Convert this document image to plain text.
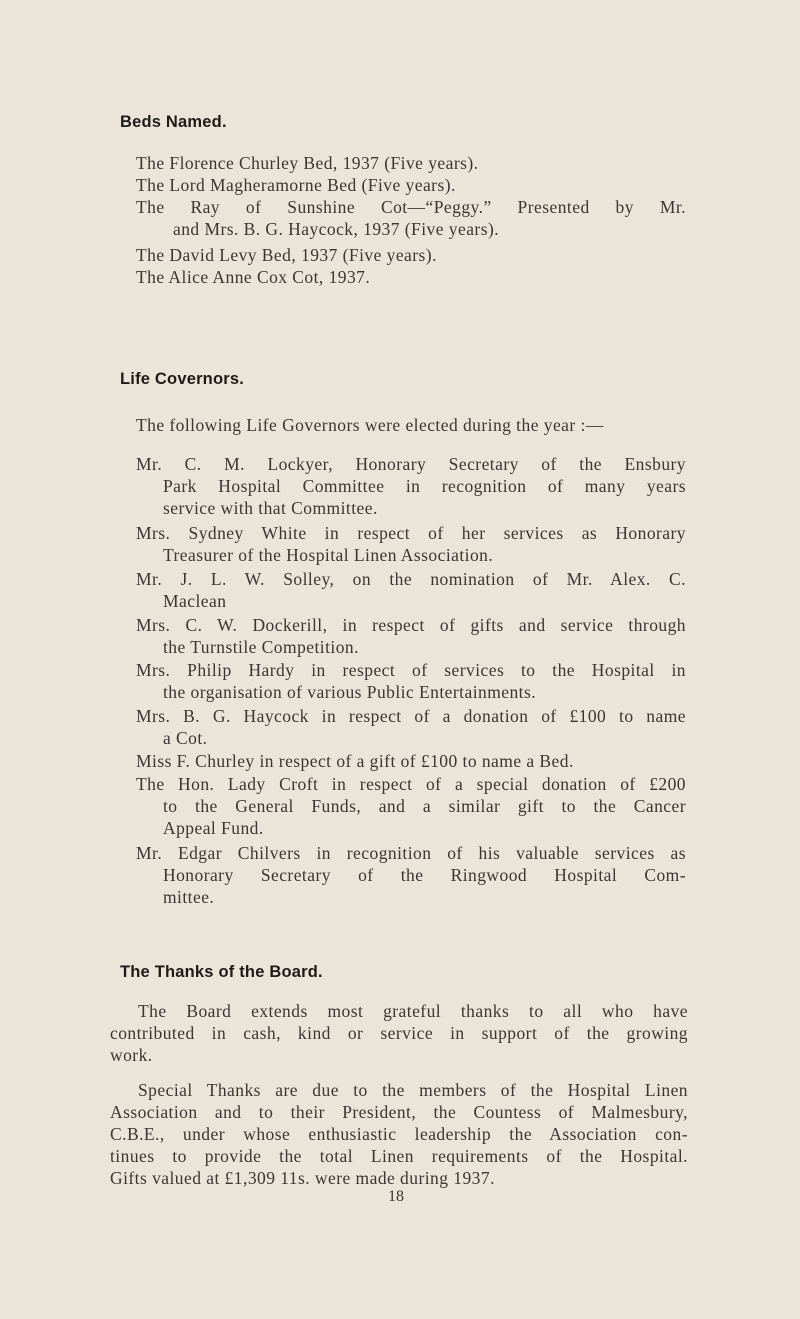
Beds Named.
The Florence Churley Bed, 1937 (Five years).
The Lord Magheramorne Bed (Five years).
The Ray of Sunshine Cot—“Peggy.” Presented by Mr.
and Mrs. B. G. Haycock, 1937 (Five years).
The David Levy Bed, 1937 (Five years).
The Alice Anne Cox Cot, 1937.
Life Covernors.
The following Life Governors were elected during the year :—
Mr. C. M. Lockyer, Honorary Secretary of the Ensbury
Park Hospital Committee in recognition of many years
service with that Committee.
Mrs. Sydney White in respect of her services as Honorary
Treasurer of the Hospital Linen Association.
Mr. J. L. W. Solley, on the nomination of Mr. Alex. C.
Maclean
Mrs. C. W. Dockerill, in respect of gifts and service through
the Turnstile Competition.
Mrs. Philip Hardy in respect of services to the Hospital in
the organisation of various Public Entertainments.
Mrs. B. G. Haycock in respect of a donation of £100 to name
a Cot.
Miss F. Churley in respect of a gift of £100 to name a Bed.
The Hon. Lady Croft in respect of a special donation of £200
to the General Funds, and a similar gift to the Cancer
Appeal Fund.
Mr. Edgar Chilvers in recognition of his valuable services as
Honorary Secretary of the Ringwood Hospital Com-
mittee.
The Thanks of the Board.
The Board extends most grateful thanks to all who have
contributed in cash, kind or service in support of the growing
work.
Special Thanks are due to the members of the Hospital Linen
Association and to their President, the Countess of Malmesbury,
C.B.E., under whose enthusiastic leadership the Association con-
tinues to provide the total Linen requirements of the Hospital.
Gifts valued at £1,309 11s. were made during 1937.
18
